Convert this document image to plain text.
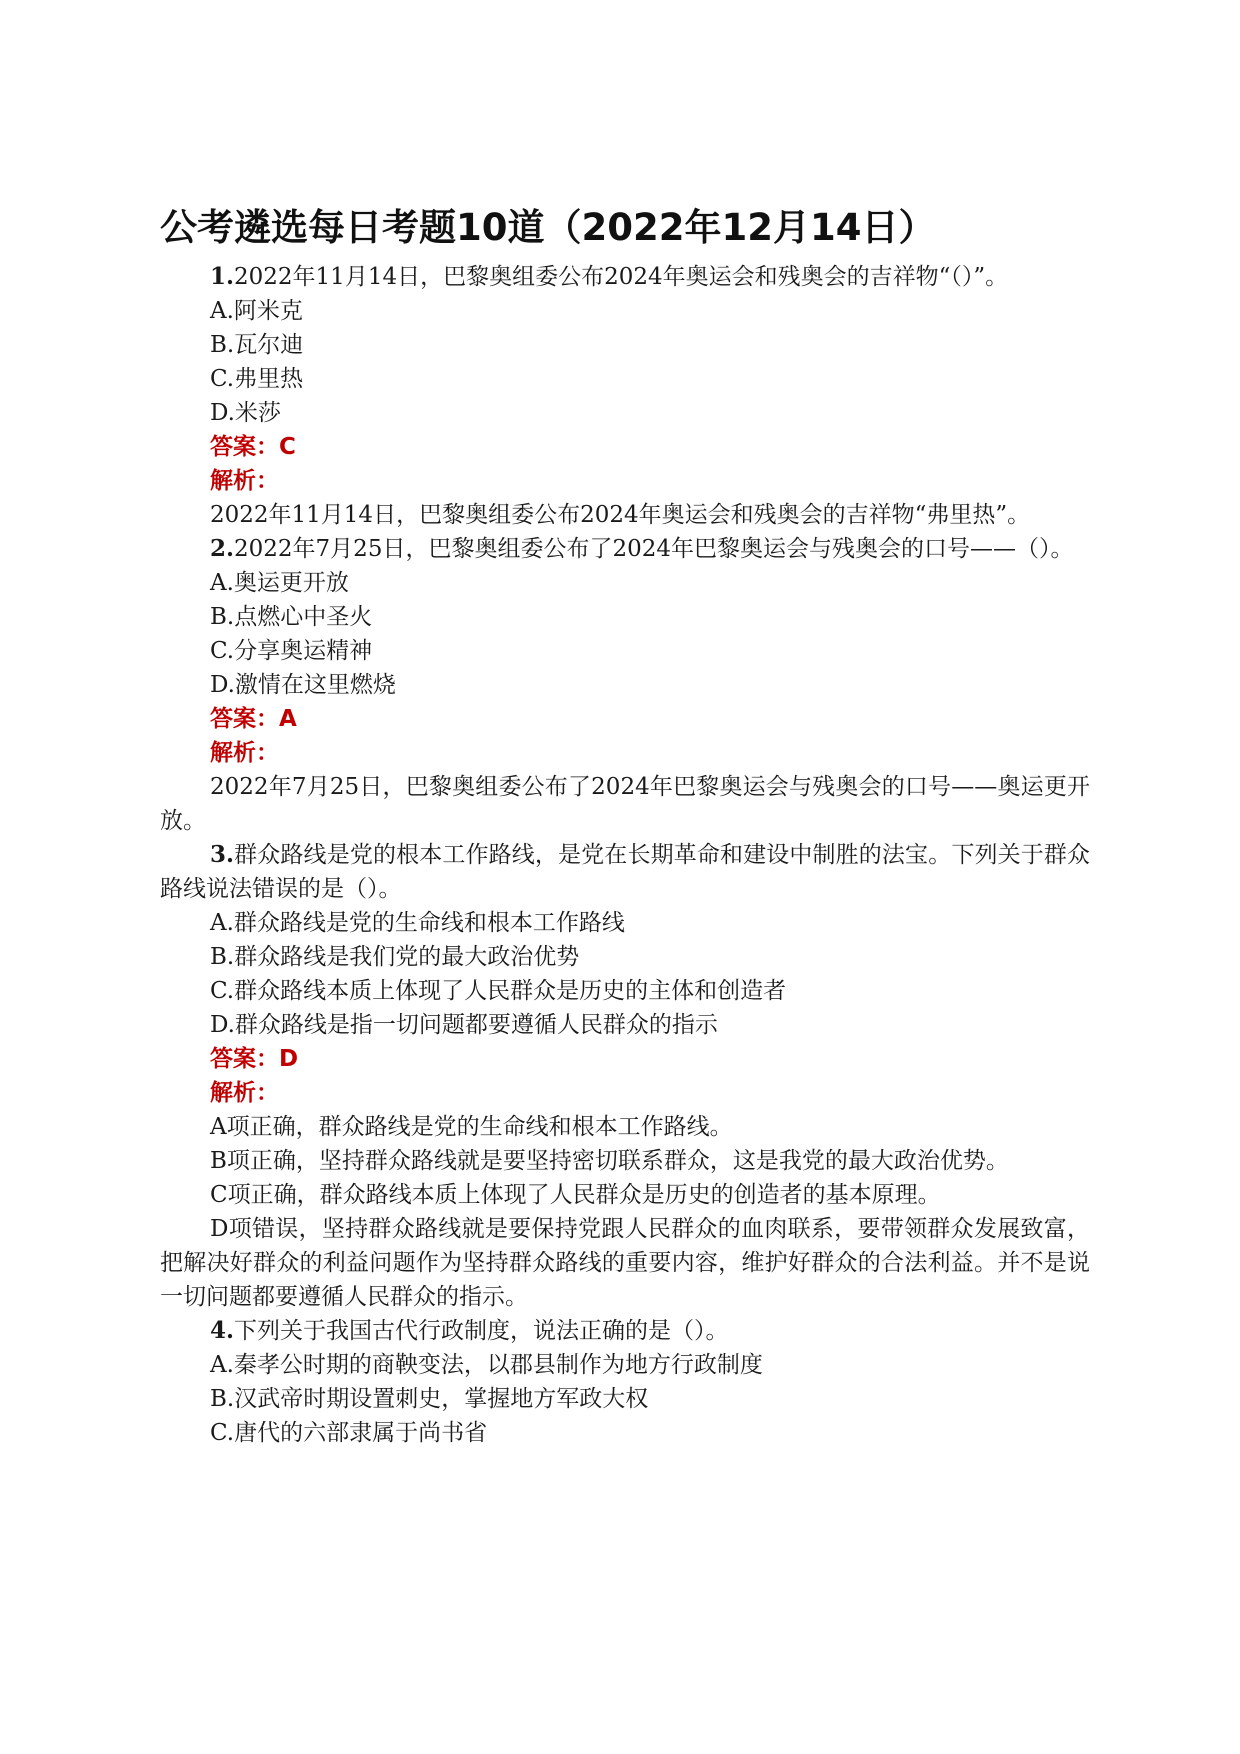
公考遴选每日考题10道（2022年12月14日）

1.2022年11月14日，巴黎奥组委公布2024年奥运会和残奥会的吉祥物“（）”。

A.阿米克

B.瓦尔迪

C.弗里热

D.米莎

答案：C

解析：

2022年11月14日，巴黎奥组委公布2024年奥运会和残奥会的吉祥物“弗里热”。

2.2022年7月25日，巴黎奥组委公布了2024年巴黎奥运会与残奥会的口号——（）。

A.奥运更开放

B.点燃心中圣火

C.分享奥运精神

D.激情在这里燃烧

答案：A

解析：

2022年7月25日，巴黎奥组委公布了2024年巴黎奥运会与残奥会的口号——奥运更开放。

3.群众路线是党的根本工作路线，是党在长期革命和建设中制胜的法宝。下列关于群众路线说法错误的是（）。

A.群众路线是党的生命线和根本工作路线

B.群众路线是我们党的最大政治优势

C.群众路线本质上体现了人民群众是历史的主体和创造者

D.群众路线是指一切问题都要遵循人民群众的指示

答案：D

解析：

A项正确，群众路线是党的生命线和根本工作路线。

B项正确，坚持群众路线就是要坚持密切联系群众，这是我党的最大政治优势。

C项正确，群众路线本质上体现了人民群众是历史的创造者的基本原理。

D项错误，坚持群众路线就是要保持党跟人民群众的血肉联系，要带领群众发展致富，把解决好群众的利益问题作为坚持群众路线的重要内容，维护好群众的合法利益。并不是说一切问题都要遵循人民群众的指示。

4.下列关于我国古代行政制度，说法正确的是（）。

A.秦孝公时期的商鞅变法，以郡县制作为地方行政制度

B.汉武帝时期设置刺史，掌握地方军政大权

C.唐代的六部隶属于尚书省
